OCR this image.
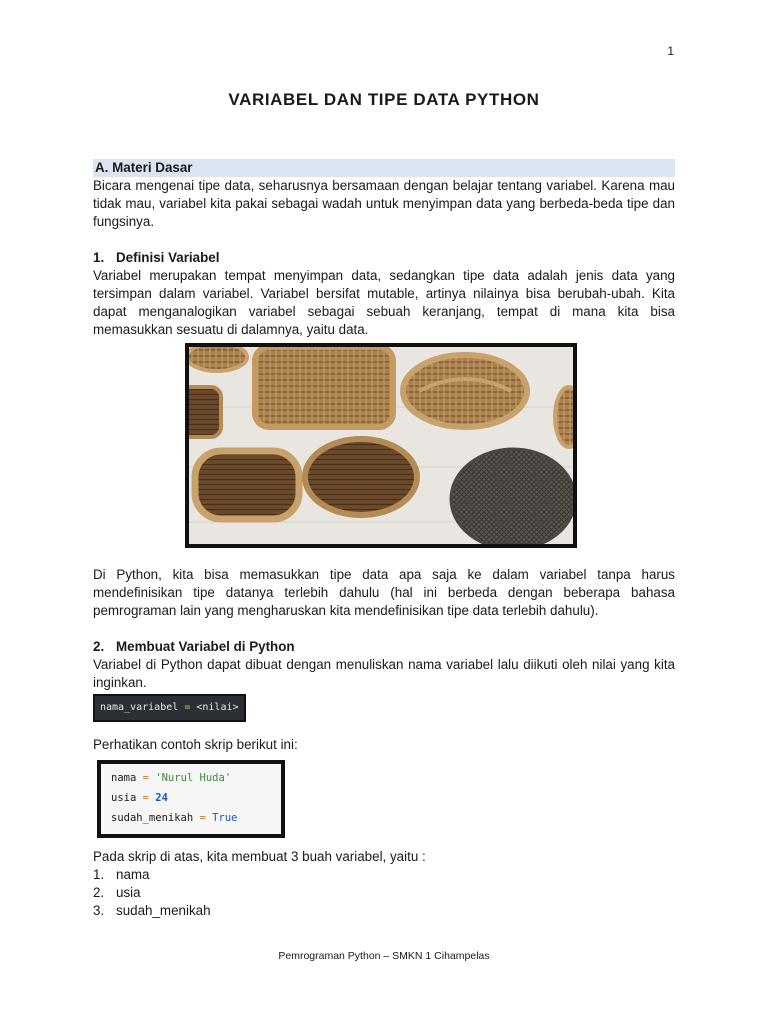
1
VARIABEL DAN TIPE DATA PYTHON
A. Materi Dasar

Bicara mengenai tipe data, seharusnya bersamaan dengan belajar tentang variabel. Karena mau tidak mau, variabel kita pakai sebagai wadah untuk menyimpan data yang berbeda-beda tipe dan fungsinya.

1. Definisi Variabel

Variabel merupakan tempat menyimpan data, sedangkan tipe data adalah jenis data yang tersimpan dalam variabel. Variabel bersifat mutable, artinya nilainya bisa berubah-ubah. Kita dapat menganalogikan variabel sebagai sebuah keranjang, tempat di mana kita bisa memasukkan sesuatu di dalamnya, yaitu data.

Di Python, kita bisa memasukkan tipe data apa saja ke dalam variabel tanpa harus mendefinisikan tipe datanya terlebih dahulu (hal ini berbeda dengan beberapa bahasa pemrograman lain yang mengharuskan kita mendefinisikan tipe data terlebih dahulu).

2. Membuat Variabel di Python

Variabel di Python dapat dibuat dengan menuliskan nama variabel lalu diikuti oleh nilai yang kita inginkan.

nama_variabel = <nilai>

Perhatikan contoh skrip berikut ini:

nama = 'Nurul Huda'
usia = 24
sudah_menikah = True

Pada skrip di atas, kita membuat 3 buah variabel, yaitu :

1. nama
2. usia
3. sudah_menikah
Pemrograman Python – SMKN 1 Cihampelas
